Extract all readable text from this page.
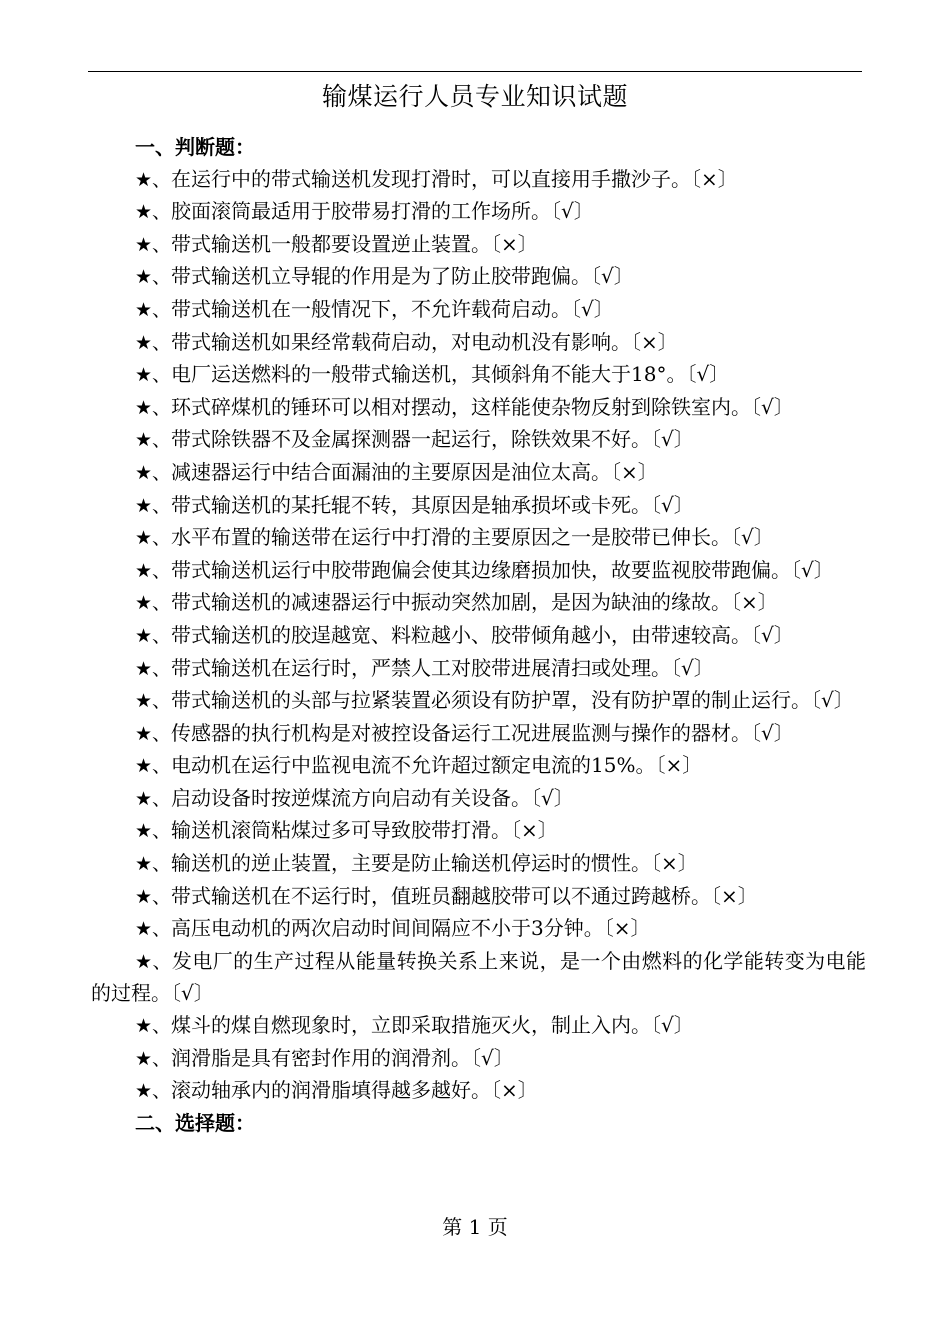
输煤运行人员专业知识试题
一、判断题：

★、在运行中的带式输送机发现打滑时，可以直接用手撒沙子。〔×〕

★、胶面滚筒最适用于胶带易打滑的工作场所。〔√〕

★、带式输送机一般都要设置逆止装置。〔×〕

★、带式输送机立导辊的作用是为了防止胶带跑偏。〔√〕

★、带式输送机在一般情况下，不允许载荷启动。〔√〕

★、带式输送机如果经常载荷启动，对电动机没有影响。〔×〕

★、电厂运送燃料的一般带式输送机，其倾斜角不能大于18°。〔√〕

★、环式碎煤机的锤环可以相对摆动，这样能使杂物反射到除铁室内。〔√〕

★、带式除铁器不及金属探测器一起运行，除铁效果不好。〔√〕

★、减速器运行中结合面漏油的主要原因是油位太高。〔×〕

★、带式输送机的某托辊不转，其原因是轴承损坏或卡死。〔√〕

★、水平布置的输送带在运行中打滑的主要原因之一是胶带已伸长。〔√〕

★、带式输送机运行中胶带跑偏会使其边缘磨损加快，故要监视胶带跑偏。〔√〕

★、带式输送机的减速器运行中振动突然加剧，是因为缺油的缘故。〔×〕

★、带式输送机的胶逞越宽、料粒越小、胶带倾角越小，由带速较高。〔√〕

★、带式输送机在运行时，严禁人工对胶带进展清扫或处理。〔√〕

★、带式输送机的头部与拉紧装置必须设有防护罩，没有防护罩的制止运行。〔√〕

★、传感器的执行机构是对被控设备运行工况进展监测与操作的器材。〔√〕

★、电动机在运行中监视电流不允许超过额定电流的15%。〔×〕

★、启动设备时按逆煤流方向启动有关设备。〔√〕

★、输送机滚筒粘煤过多可导致胶带打滑。〔×〕

★、输送机的逆止装置，主要是防止输送机停运时的惯性。〔×〕

★、带式输送机在不运行时，值班员翻越胶带可以不通过跨越桥。〔×〕

★、高压电动机的两次启动时间间隔应不小于3分钟。〔×〕

★、发电厂的生产过程从能量转换关系上来说，是一个由燃料的化学能转变为电能的过程。〔√〕

★、煤斗的煤自燃现象时，立即采取措施灭火，制止入内。〔√〕

★、润滑脂是具有密封作用的润滑剂。〔√〕

★、滚动轴承内的润滑脂填得越多越好。〔×〕

二、选择题：
第 1 页
